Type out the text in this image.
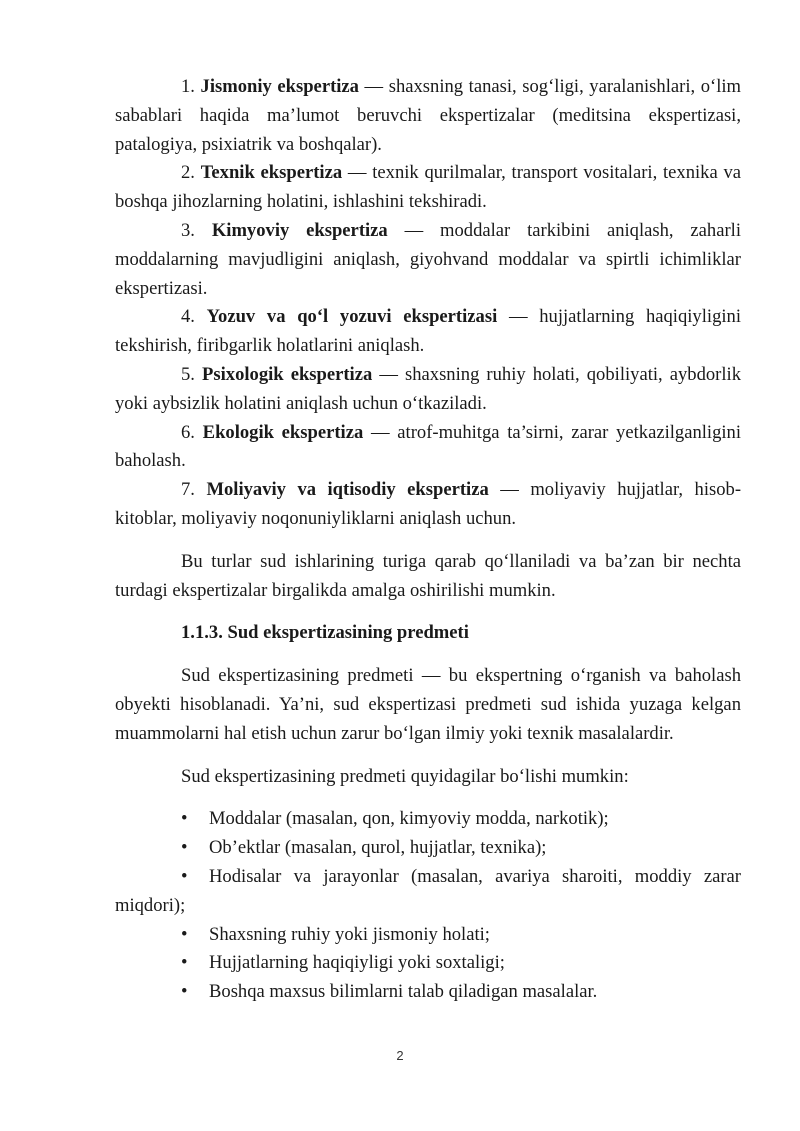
1. Jismoniy ekspertiza — shaxsning tanasi, sog‘ligi, yaralanishlari, o‘lim sabablari haqida ma’lumot beruvchi ekspertizalar (meditsina ekspertizasi, patalogiya, psixiatrik va boshqalar).

2. Texnik ekspertiza — texnik qurilmalar, transport vositalari, texnika va boshqa jihozlarning holatini, ishlashini tekshiradi.

3. Kimyoviy ekspertiza — moddalar tarkibini aniqlash, zaharli moddalarning mavjudligini aniqlash, giyohvand moddalar va spirtli ichimliklar ekspertizasi.

4. Yozuv va qo‘l yozuvi ekspertizasi — hujjatlarning haqiqiyligini tekshirish, firibgarlik holatlarini aniqlash.

5. Psixologik ekspertiza — shaxsning ruhiy holati, qobiliyati, aybdorlik yoki aybsizlik holatini aniqlash uchun o‘tkaziladi.

6. Ekologik ekspertiza — atrof-muhitga ta’sirni, zarar yetkazilganligini baholash.

7. Moliyaviy va iqtisodiy ekspertiza — moliyaviy hujjatlar, hisob-kitoblar, moliyaviy noqonuniyliklarni aniqlash uchun.

Bu turlar sud ishlarining turiga qarab qo‘llaniladi va ba’zan bir nechta turdagi ekspertizalar birgalikda amalga oshirilishi mumkin.

1.1.3. Sud ekspertizasining predmeti

Sud ekspertizasining predmeti — bu ekspertning o‘rganish va baholash obyekti hisoblanadi. Ya’ni, sud ekspertizasi predmeti sud ishida yuzaga kelgan muammolarni hal etish uchun zarur bo‘lgan ilmiy yoki texnik masalalardir.

Sud ekspertizasining predmeti quyidagilar bo‘lishi mumkin:

• Moddalar (masalan, qon, kimyoviy modda, narkotik);
• Ob’ektlar (masalan, qurol, hujjatlar, texnika);
• Hodisalar va jarayonlar (masalan, avariya sharoiti, moddiy zarar miqdori);
• Shaxsning ruhiy yoki jismoniy holati;
• Hujjatlarning haqiqiyligi yoki soxtaligi;
• Boshqa maxsus bilimlarni talab qiladigan masalalar.
2
